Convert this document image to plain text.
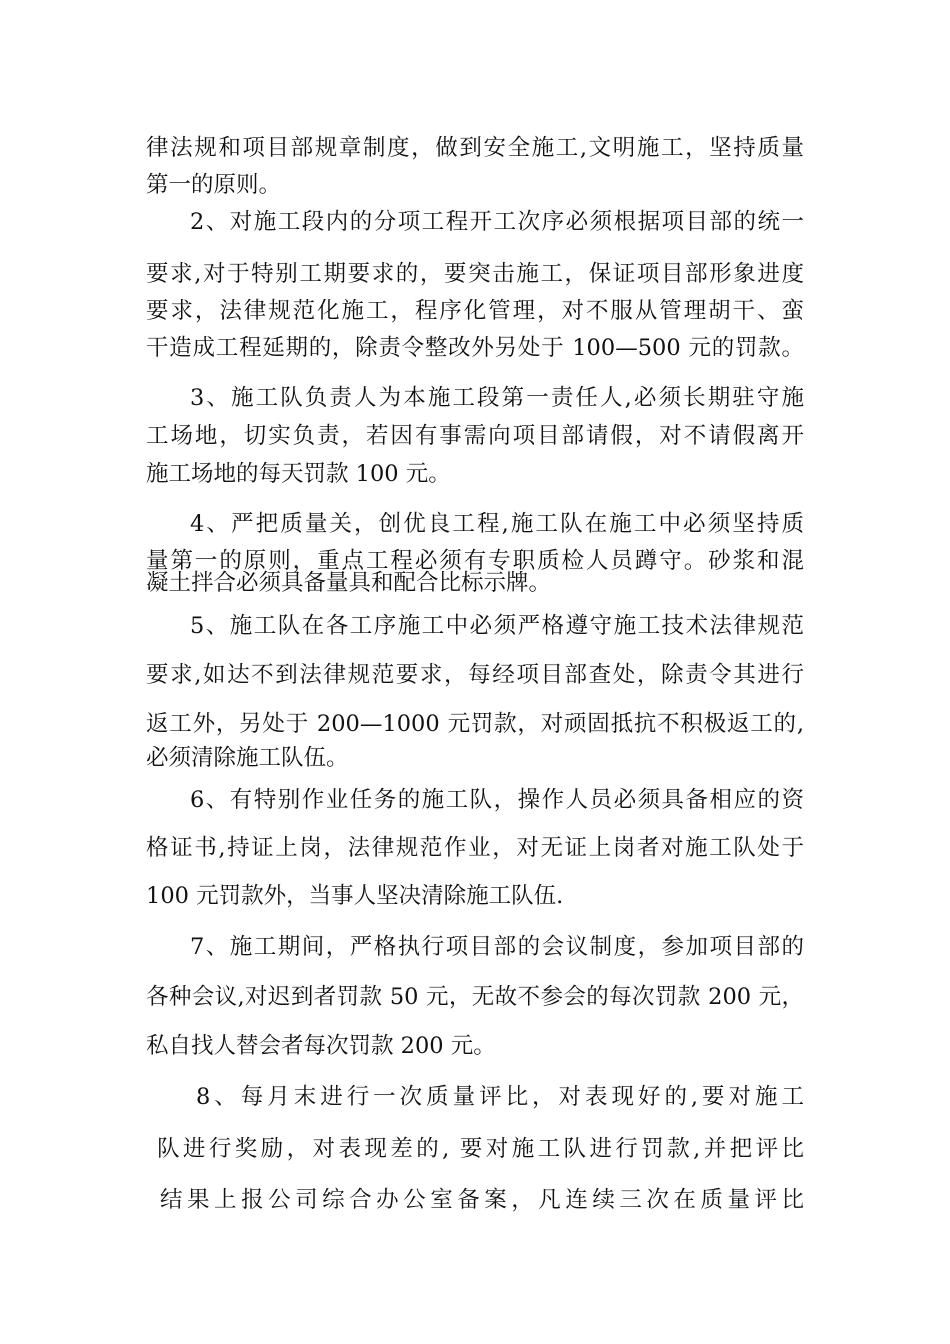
律法规和项目部规章制度，做到安全施工,文明施工，坚持质量

第一的原则。

2、对施工段内的分项工程开工次序必须根据项目部的统一

要求,对于特别工期要求的，要突击施工，保证项目部形象进度

要求，法律规范化施工，程序化管理，对不服从管理胡干、蛮

干造成工程延期的，除责令整改外另处于 100—500 元的罚款。

3、施工队负责人为本施工段第一责任人,必须长期驻守施

工场地，切实负责，若因有事需向项目部请假，对不请假离开

施工场地的每天罚款 100 元。

4、严把质量关，创优良工程,施工队在施工中必须坚持质

量第一的原则，重点工程必须有专职质检人员蹲守。砂浆和混

凝土拌合必须具备量具和配合比标示牌。

5、施工队在各工序施工中必须严格遵守施工技术法律规范

要求,如达不到法律规范要求，每经项目部查处，除责令其进行

返工外，另处于 200—1000 元罚款，对顽固抵抗不积极返工的,

必须清除施工队伍。

6、有特别作业任务的施工队，操作人员必须具备相应的资

格证书,持证上岗，法律规范作业，对无证上岗者对施工队处于

100 元罚款外，当事人坚决清除施工队伍.

7、施工期间，严格执行项目部的会议制度，参加项目部的

各种会议,对迟到者罚款 50 元，无故不参会的每次罚款 200 元，

私自找人替会者每次罚款 200 元。

8、每月末进行一次质量评比，对表现好的,要对施工

队进行奖励，对表现差的, 要对施工队进行罚款,并把评比

结果上报公司综合办公室备案，凡连续三次在质量评比
